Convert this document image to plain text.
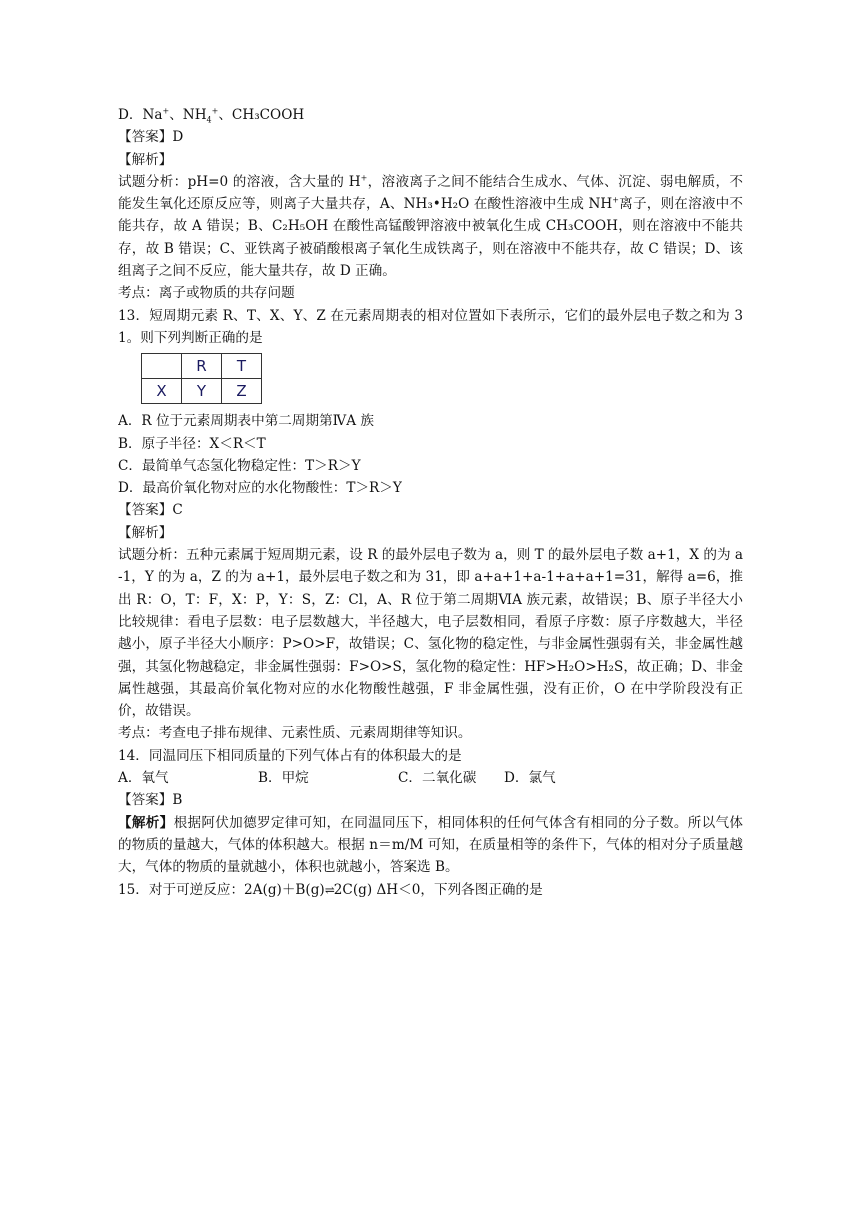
D．Na+、$NH_4^+$、CH₃COOH
【答案】D
【解析】
试题分析：pH=0 的溶液，含大量的 H+，溶液离子之间不能结合生成水、气体、沉淀、弱电解质，不能发生氧化还原反应等，则离子大量共存，A、NH₃•H₂O 在酸性溶液中生成 NH+离子，则在溶液中不能共存，故 A 错误；B、C₂H₅OH 在酸性高锰酸钾溶液中被氧化生成 CH₃COOH，则在溶液中不能共存，故 B 错误；C、亚铁离子被硝酸根离子氧化生成铁离子，则在溶液中不能共存，故 C 错误；D、该组离子之间不反应，能大量共存，故 D 正确。
考点：离子或物质的共存问题
13．短周期元素 R、T、X、Y、Z 在元素周期表的相对位置如下表所示，它们的最外层电子数之和为 31。则下列判断正确的是
	R	T
X	Y	Z
A．R 位于元素周期表中第二周期第ⅣA 族
B．原子半径：X＜R＜T
C．最简单气态氢化物稳定性：T＞R＞Y
D．最高价氧化物对应的水化物酸性：T＞R＞Y
【答案】C
【解析】
试题分析：五种元素属于短周期元素，设 R 的最外层电子数为 a，则 T 的最外层电子数 a+1，X 的为 a-1，Y 的为 a，Z 的为 a+1，最外层电子数之和为 31，即 a+a+1+a-1+a+a+1=31，解得 a=6，推出 R：O，T：F，X：P，Y：S，Z：Cl，A、R 位于第二周期ⅥA 族元素，故错误；B、原子半径大小比较规律：看电子层数：电子层数越大，半径越大，电子层数相同，看原子序数：原子序数越大，半径越小，原子半径大小顺序：P>O>F，故错误；C、氢化物的稳定性，与非金属性强弱有关，非金属性越强，其氢化物越稳定，非金属性强弱：F>O>S，氢化物的稳定性：HF>H₂O>H₂S，故正确；D、非金属性越强，其最高价氧化物对应的水化物酸性越强，F 非金属性强，没有正价，O 在中学阶段没有正价，故错误。
考点：考查电子排布规律、元素性质、元素周期律等知识。
14．同温同压下相同质量的下列气体占有的体积最大的是
A．氧气	B．甲烷	C．二氧化碳	D．氯气
【答案】B
【解析】根据阿伏加德罗定律可知，在同温同压下，相同体积的任何气体含有相同的分子数。所以气体的物质的量越大，气体的体积越大。根据 n＝m/M 可知，在质量相等的条件下，气体的相对分子质量越大，气体的物质的量就越小，体积也就越小，答案选 B。
15．对于可逆反应：2A(g)＋B(g)⇌2C(g) ΔH＜0，下列各图正确的是
